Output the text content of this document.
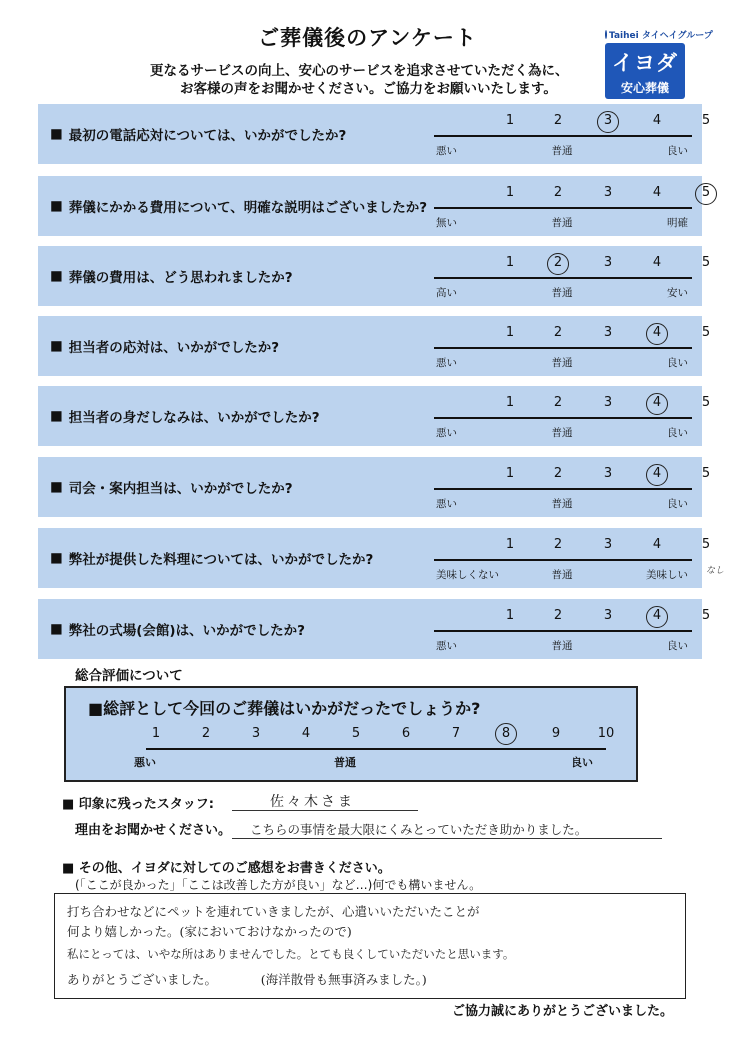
ご葬儀後のアンケート
更なるサービスの向上、安心のサービスを追求させていただく為に、
お客様の声をお聞かせください。ご協力をお願いいたします。
Taihei タイヘイグループ
イヨダ
安心葬儀
■ 最初の電話応対については、いかがでしたか?
1	2	3	4	5
悪い	普通	良い
■ 葬儀にかかる費用について、明確な説明はございましたか?
1	2	3	4	5
無い	普通	明確
■ 葬儀の費用は、どう思われましたか?
1	2	3	4	5
高い	普通	安い
■ 担当者の応対は、いかがでしたか?
1	2	3	4	5
悪い	普通	良い
■ 担当者の身だしなみは、いかがでしたか?
1	2	3	4	5
悪い	普通	良い
■ 司会・案内担当は、いかがでしたか?
1	2	3	4	5
悪い	普通	良い
■ 弊社が提供した料理については、いかがでしたか?
1	2	3	4	5
美味しくない	普通	美味しい
■ 弊社の式場(会館)は、いかがでしたか?
1	2	3	4	5
悪い	普通	良い
なし
総合評価について
■総評として今回のご葬儀はいかがだったでしょうか?
悪い	普通	良い
1	2	3	4	5	6	7	8	9	10
■ 印象に残ったスタッフ:	佐々木さま
理由をお聞かせください。 こちらの事情を最大限にくみとっていただき助かりました。
■ その他、イヨダに対してのご感想をお書きください。
(「ここが良かった」「ここは改善した方が良い」など…)何でも構いません。
打ち合わせなどにペットを連れていきましたが、心遣いいただいたことが
何より嬉しかった。(家においておけなかったので)
私にとっては、いやな所はありませんでした。とても良くしていただいたと思います。
ありがとうございました。　　　　(海洋散骨も無事済みました。)
ご協力誠にありがとうございました。
